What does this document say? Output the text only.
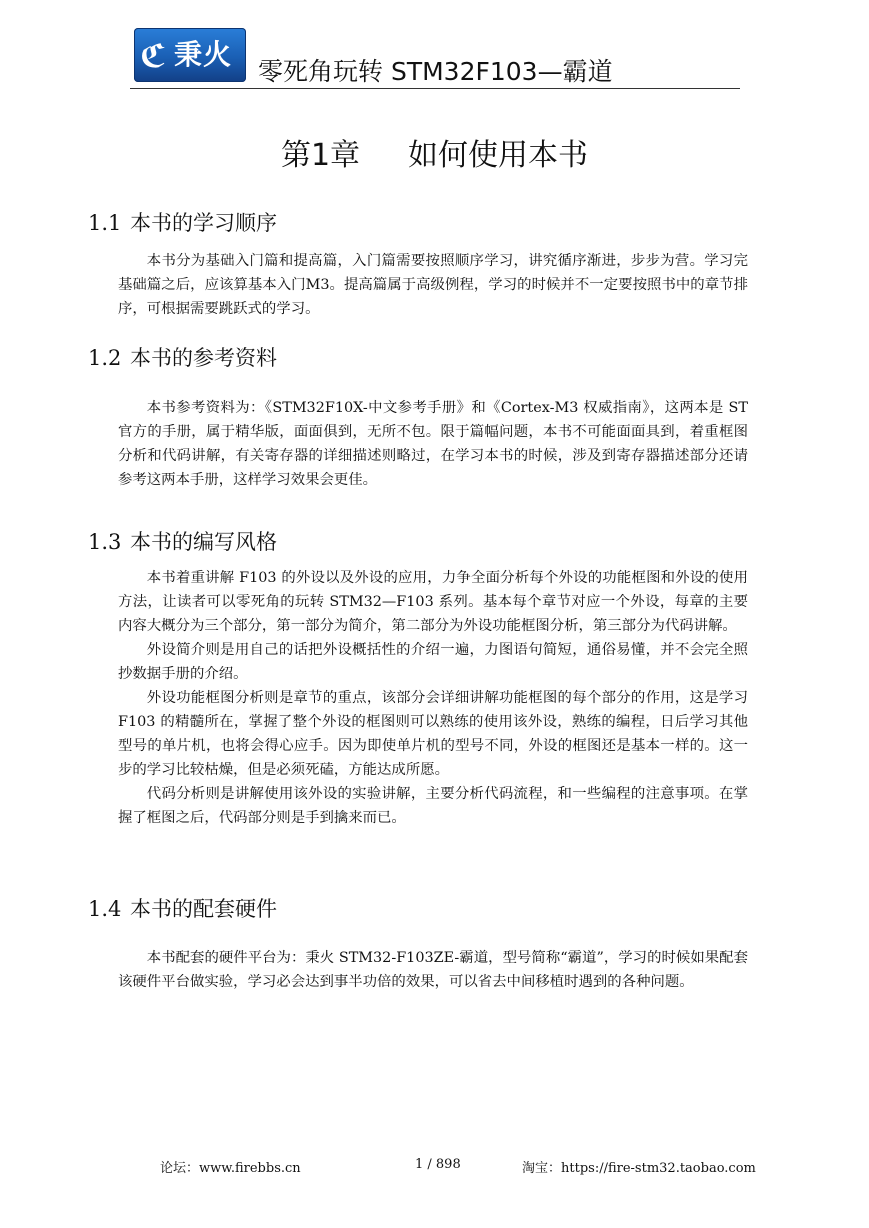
ℭ 秉火
零死角玩转 STM32F103—霸道
第1章 如何使用本书
1.1 本书的学习顺序

本书分为基础入门篇和提高篇，入门篇需要按照顺序学习，讲究循序渐进，步步为营。学习完基础篇之后，应该算基本入门M3。提高篇属于高级例程，学习的时候并不一定要按照书中的章节排序，可根据需要跳跃式的学习。

1.2 本书的参考资料

本书参考资料为：《STM32F10X-中文参考手册》和《Cortex-M3 权威指南》，这两本是 ST官方的手册，属于精华版，面面俱到，无所不包。限于篇幅问题，本书不可能面面具到，着重框图分析和代码讲解，有关寄存器的详细描述则略过，在学习本书的时候，涉及到寄存器描述部分还请参考这两本手册，这样学习效果会更佳。

1.3 本书的编写风格

本书着重讲解 F103 的外设以及外设的应用，力争全面分析每个外设的功能框图和外设的使用方法，让读者可以零死角的玩转 STM32—F103 系列。基本每个章节对应一个外设，每章的主要内容大概分为三个部分，第一部分为简介，第二部分为外设功能框图分析，第三部分为代码讲解。

外设简介则是用自己的话把外设概括性的介绍一遍，力图语句简短，通俗易懂，并不会完全照抄数据手册的介绍。

外设功能框图分析则是章节的重点，该部分会详细讲解功能框图的每个部分的作用，这是学习 F103 的精髓所在，掌握了整个外设的框图则可以熟练的使用该外设，熟练的编程，日后学习其他型号的单片机，也将会得心应手。因为即使单片机的型号不同，外设的框图还是基本一样的。这一步的学习比较枯燥，但是必须死磕，方能达成所愿。

代码分析则是讲解使用该外设的实验讲解，主要分析代码流程，和一些编程的注意事项。在掌握了框图之后，代码部分则是手到擒来而已。

1.4 本书的配套硬件

本书配套的硬件平台为：秉火 STM32-F103ZE-霸道，型号简称“霸道”，学习的时候如果配套该硬件平台做实验，学习必会达到事半功倍的效果，可以省去中间移植时遇到的各种问题。

论坛：www.firebbs.cn	1 / 898	淘宝：https://fire-stm32.taobao.com
